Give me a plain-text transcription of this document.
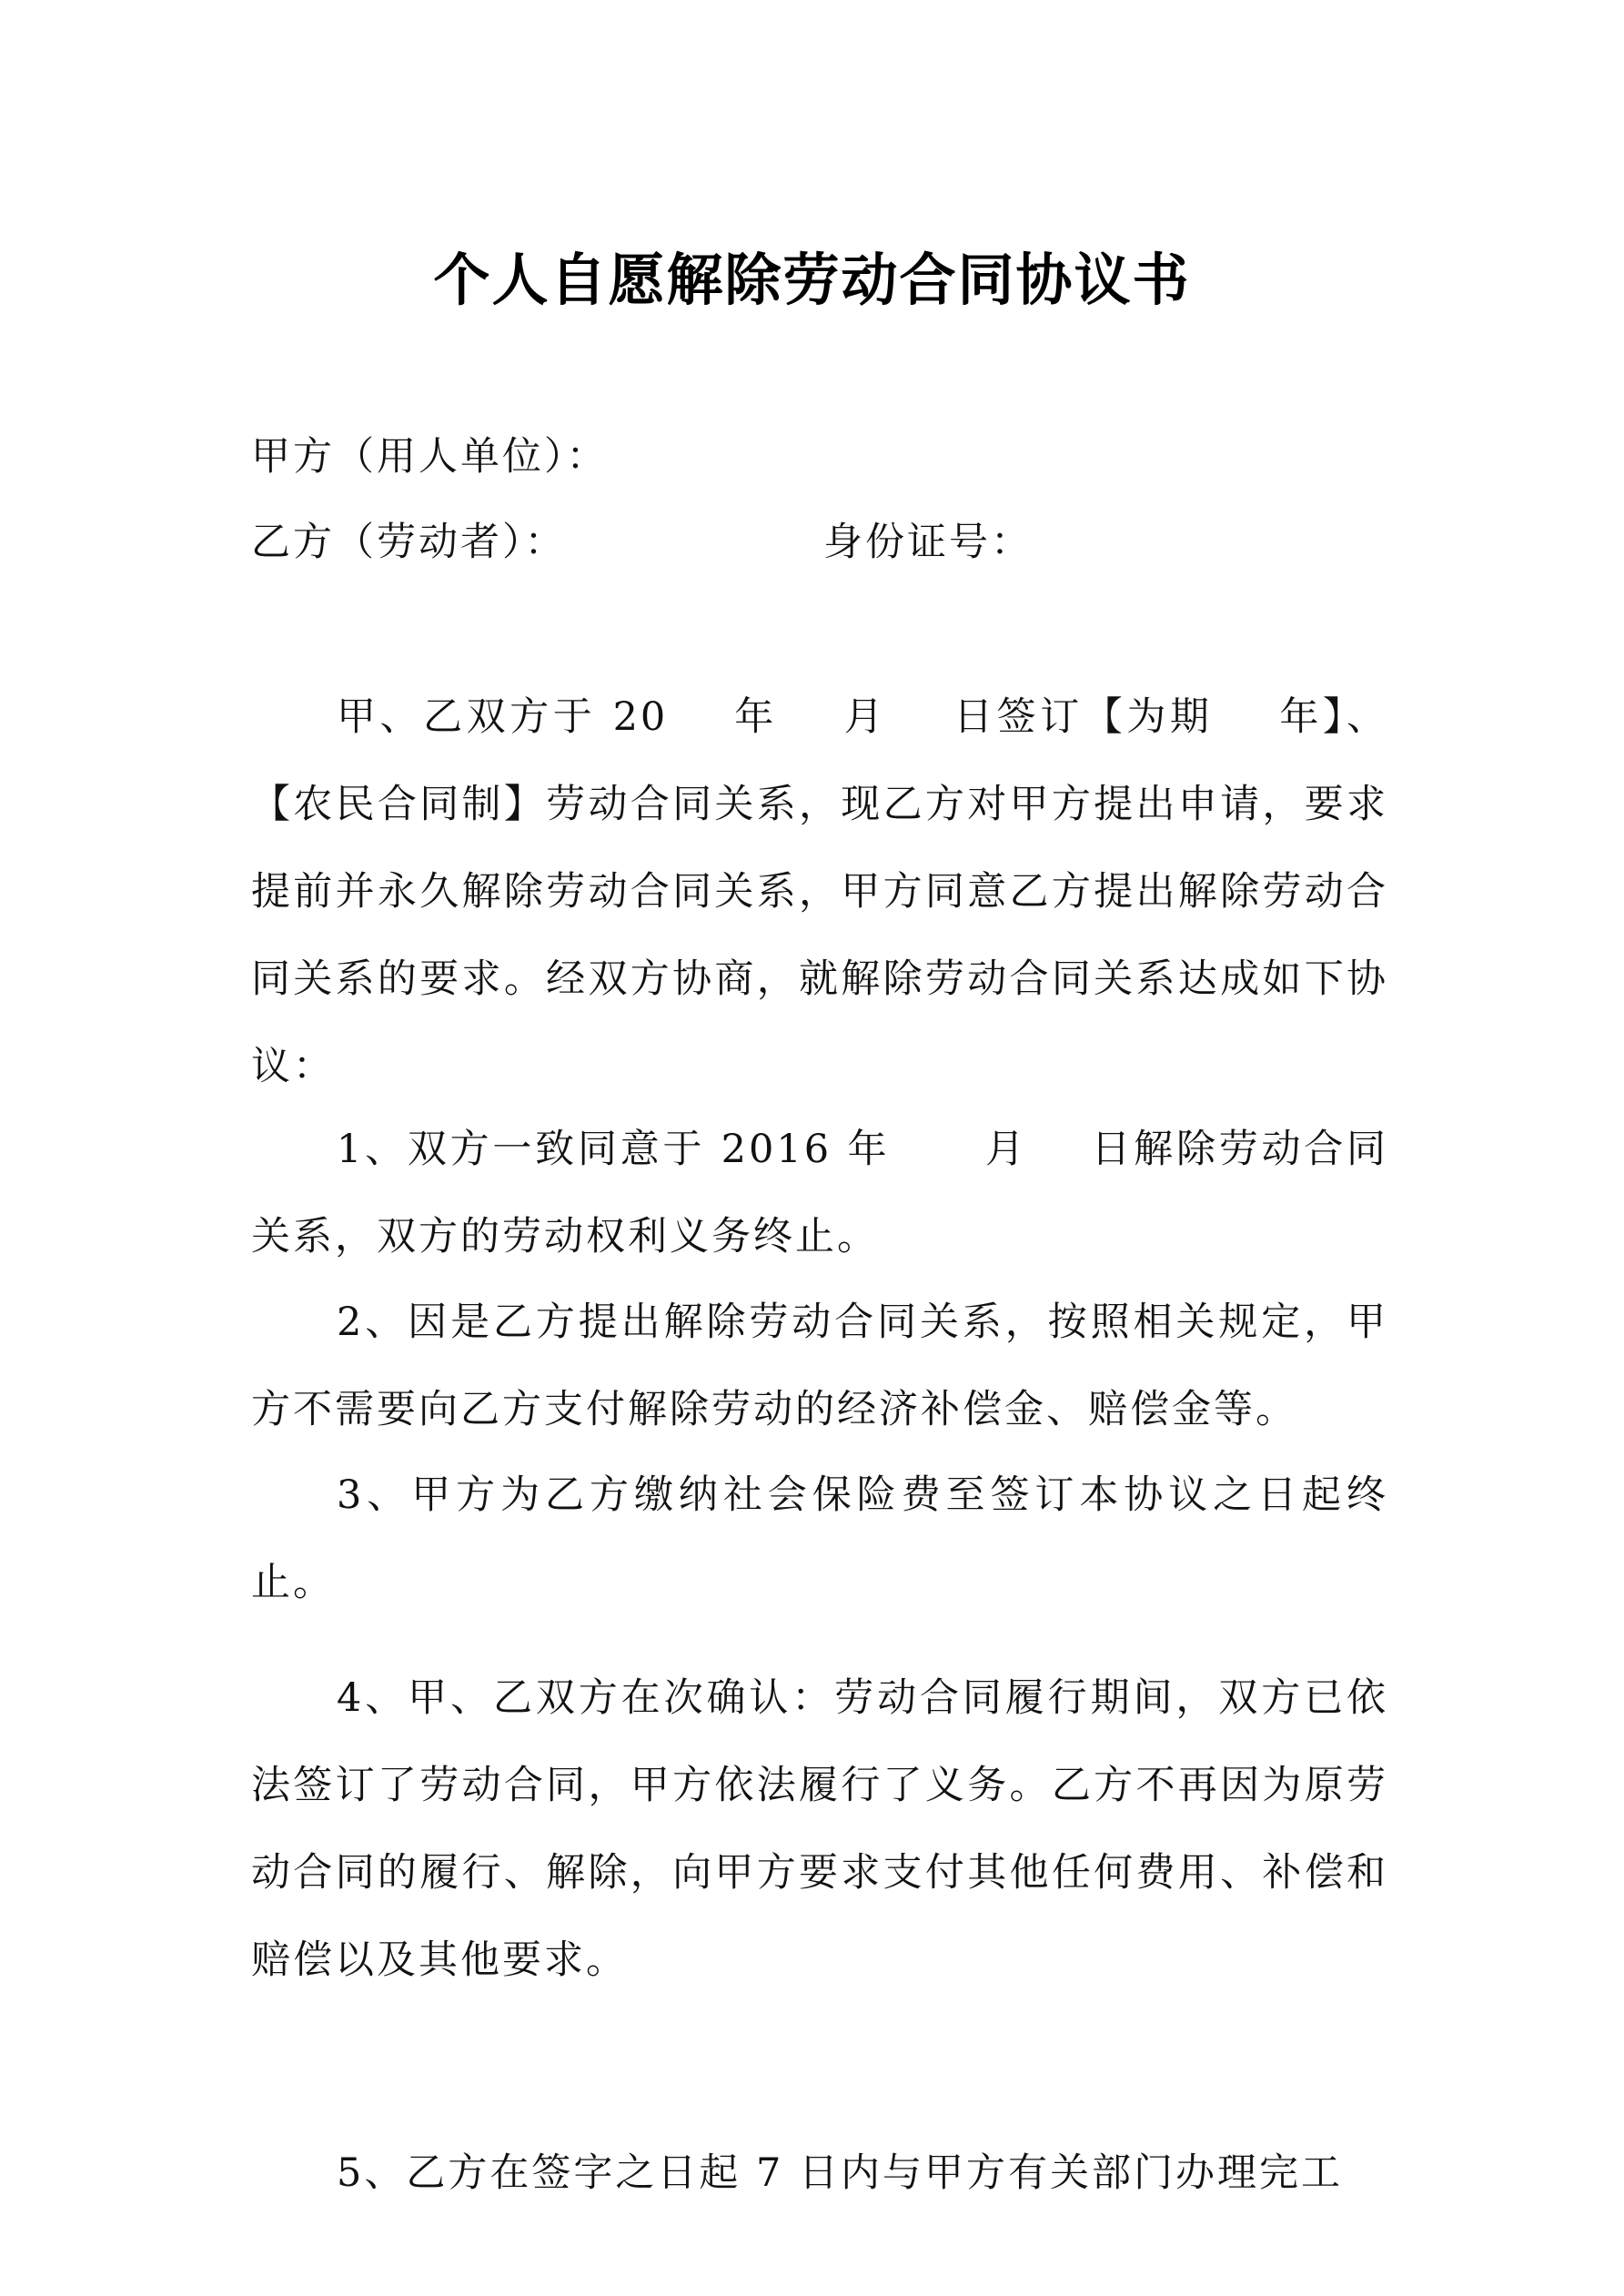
个人自愿解除劳动合同协议书
甲方（用人单位）：
乙方（劳动者）：	身份证号：

甲、乙双方于 20    年    月    日签订【为期    年】、【农民合同制】劳动合同关系，现乙方对甲方提出申请，要求提前并永久解除劳动合同关系，甲方同意乙方提出解除劳动合同关系的要求。经双方协商，就解除劳动合同关系达成如下协议：

1、双方一致同意于 2016 年      月    日解除劳动合同关系，双方的劳动权利义务终止。

2、因是乙方提出解除劳动合同关系，按照相关规定，甲方不需要向乙方支付解除劳动的经济补偿金、赔偿金等。

3、甲方为乙方缴纳社会保险费至签订本协议之日起终止。

4、甲、乙双方在次确认：劳动合同履行期间，双方已依法签订了劳动合同，甲方依法履行了义务。乙方不再因为原劳动合同的履行、解除，向甲方要求支付其他任何费用、补偿和赔偿以及其他要求。

5、乙方在签字之日起 7 日内与甲方有关部门办理完工
